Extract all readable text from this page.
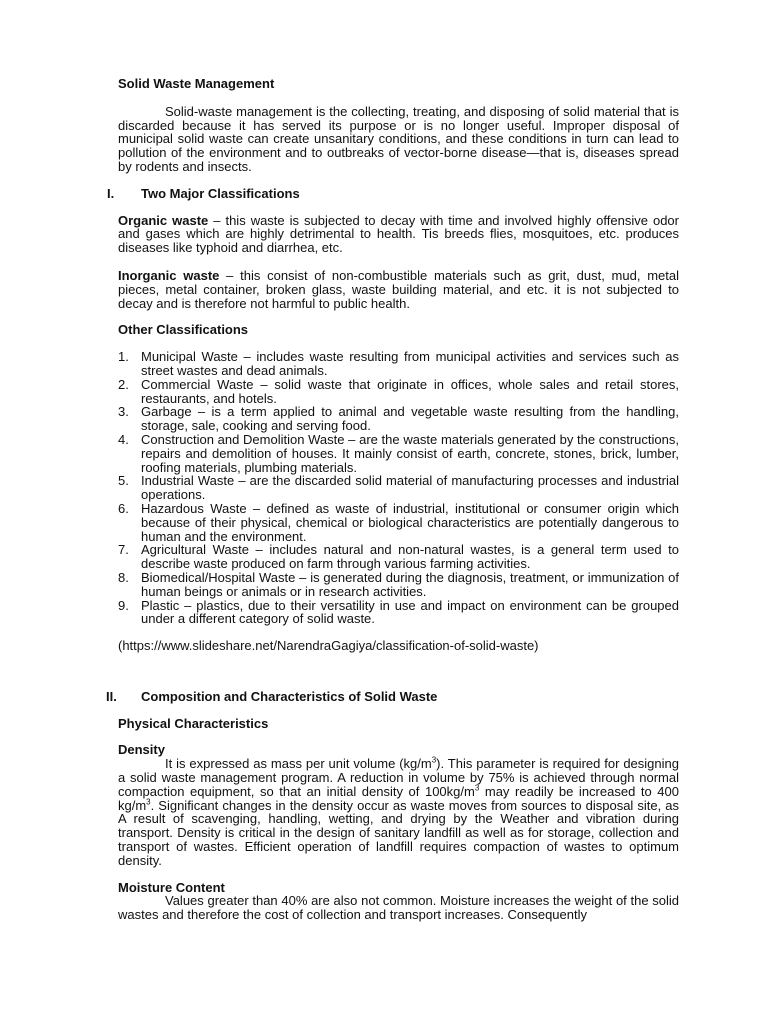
Solid Waste Management

Solid-waste management is the collecting, treating, and disposing of solid material that is discarded because it has served its purpose or is no longer useful. Improper disposal of municipal solid waste can create unsanitary conditions, and these conditions in turn can lead to pollution of the environment and to outbreaks of vector-borne disease—that is, diseases spread by rodents and insects.

I. Two Major Classifications

Organic waste – this waste is subjected to decay with time and involved highly offensive odor and gases which are highly detrimental to health. Tis breeds flies, mosquitoes, etc. produces diseases like typhoid and diarrhea, etc.

Inorganic waste – this consist of non-combustible materials such as grit, dust, mud, metal pieces, metal container, broken glass, waste building material, and etc. it is not subjected to decay and is therefore not harmful to public health.

Other Classifications

1. Municipal Waste – includes waste resulting from municipal activities and services such as street wastes and dead animals.
2. Commercial Waste – solid waste that originate in offices, whole sales and retail stores, restaurants, and hotels.
3. Garbage – is a term applied to animal and vegetable waste resulting from the handling, storage, sale, cooking and serving food.
4. Construction and Demolition Waste – are the waste materials generated by the constructions, repairs and demolition of houses. It mainly consist of earth, concrete, stones, brick, lumber, roofing materials, plumbing materials.
5. Industrial Waste – are the discarded solid material of manufacturing processes and industrial operations.
6. Hazardous Waste – defined as waste of industrial, institutional or consumer origin which because of their physical, chemical or biological characteristics are potentially dangerous to human and the environment.
7. Agricultural Waste – includes natural and non-natural wastes, is a general term used to describe waste produced on farm through various farming activities.
8. Biomedical/Hospital Waste – is generated during the diagnosis, treatment, or immunization of human beings or animals or in research activities.
9. Plastic – plastics, due to their versatility in use and impact on environment can be grouped under a different category of solid waste.

(https://www.slideshare.net/NarendraGagiya/classification-of-solid-waste)

II. Composition and Characteristics of Solid Waste

Physical Characteristics

Density

It is expressed as mass per unit volume $(kg/m^3)$. This parameter is required for designing a solid waste management program. A reduction in volume by 75% is achieved through normal compaction equipment, so that an initial density of $100kg/m^3$ may readily be increased to 400 $kg/m^3$. Significant changes in the density occur as waste moves from sources to disposal site, as A result of scavenging, handling, wetting, and drying by the Weather and vibration during transport. Density is critical in the design of sanitary landfill as well as for storage, collection and transport of wastes. Efficient operation of landfill requires compaction of wastes to optimum density.

Moisture Content

Values greater than 40% are also not common. Moisture increases the weight of the solid wastes and therefore the cost of collection and transport increases. Consequently
